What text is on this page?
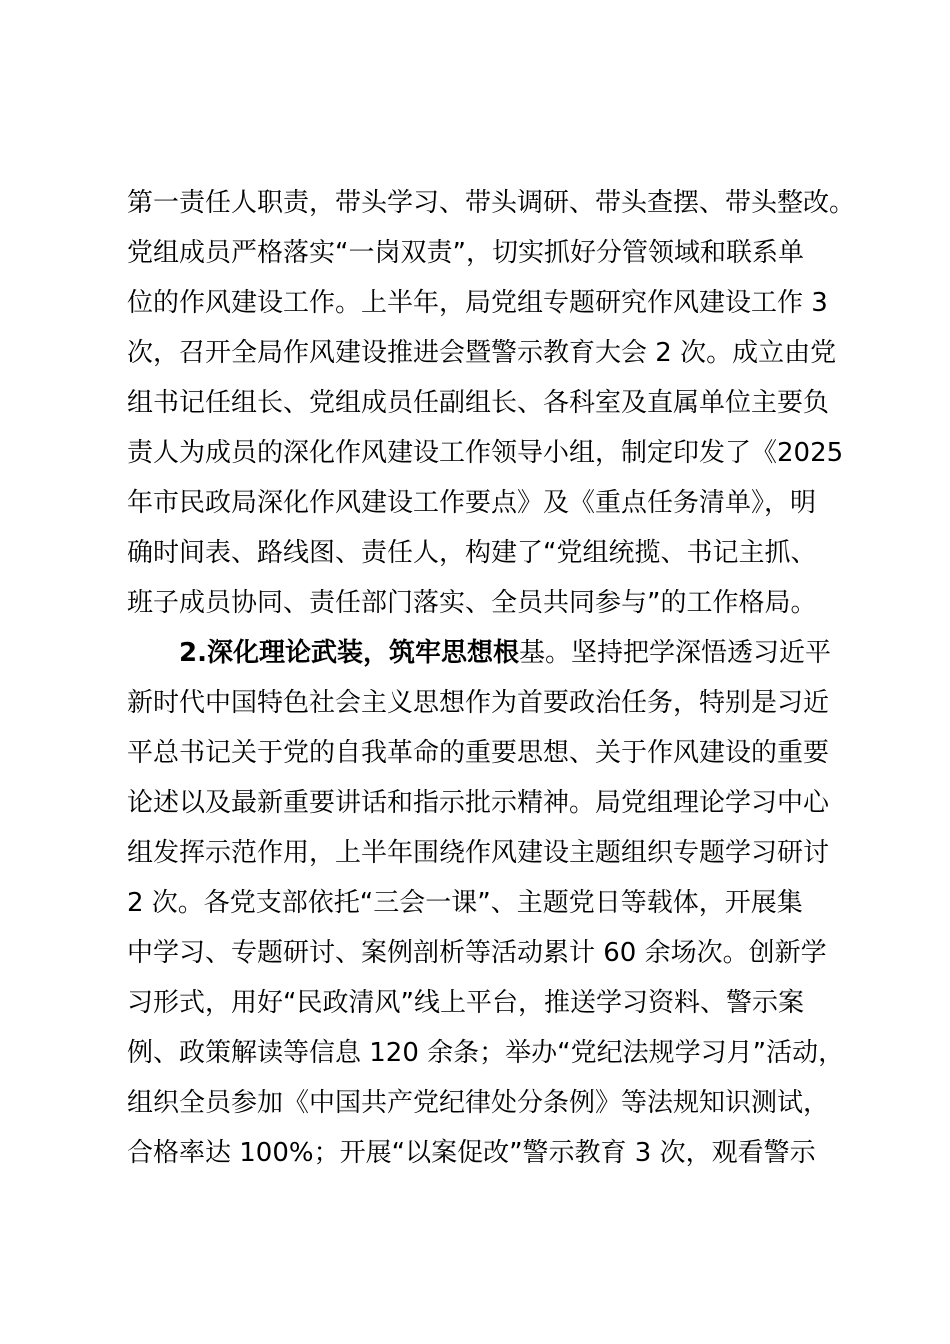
第一责任人职责，带头学习、带头调研、带头查摆、带头整改。
党组成员严格落实“一岗双责”，切实抓好分管领域和联系单
位的作风建设工作。上半年，局党组专题研究作风建设工作 3
次，召开全局作风建设推进会暨警示教育大会 2 次。成立由党
组书记任组长、党组成员任副组长、各科室及直属单位主要负
责人为成员的深化作风建设工作领导小组，制定印发了《2025
年市民政局深化作风建设工作要点》及《重点任务清单》，明
确时间表、路线图、责任人，构建了“党组统揽、书记主抓、
班子成员协同、责任部门落实、全员共同参与”的工作格局。
2.深化理论武装，筑牢思想根基。坚持把学深悟透习近平
新时代中国特色社会主义思想作为首要政治任务，特别是习近
平总书记关于党的自我革命的重要思想、关于作风建设的重要
论述以及最新重要讲话和指示批示精神。局党组理论学习中心
组发挥示范作用，上半年围绕作风建设主题组织专题学习研讨
2 次。各党支部依托“三会一课”、主题党日等载体，开展集
中学习、专题研讨、案例剖析等活动累计 60 余场次。创新学
习形式，用好“民政清风”线上平台，推送学习资料、警示案
例、政策解读等信息 120 余条；举办“党纪法规学习月”活动，
组织全员参加《中国共产党纪律处分条例》等法规知识测试，
合格率达 100%；开展“以案促改”警示教育 3 次，观看警示
